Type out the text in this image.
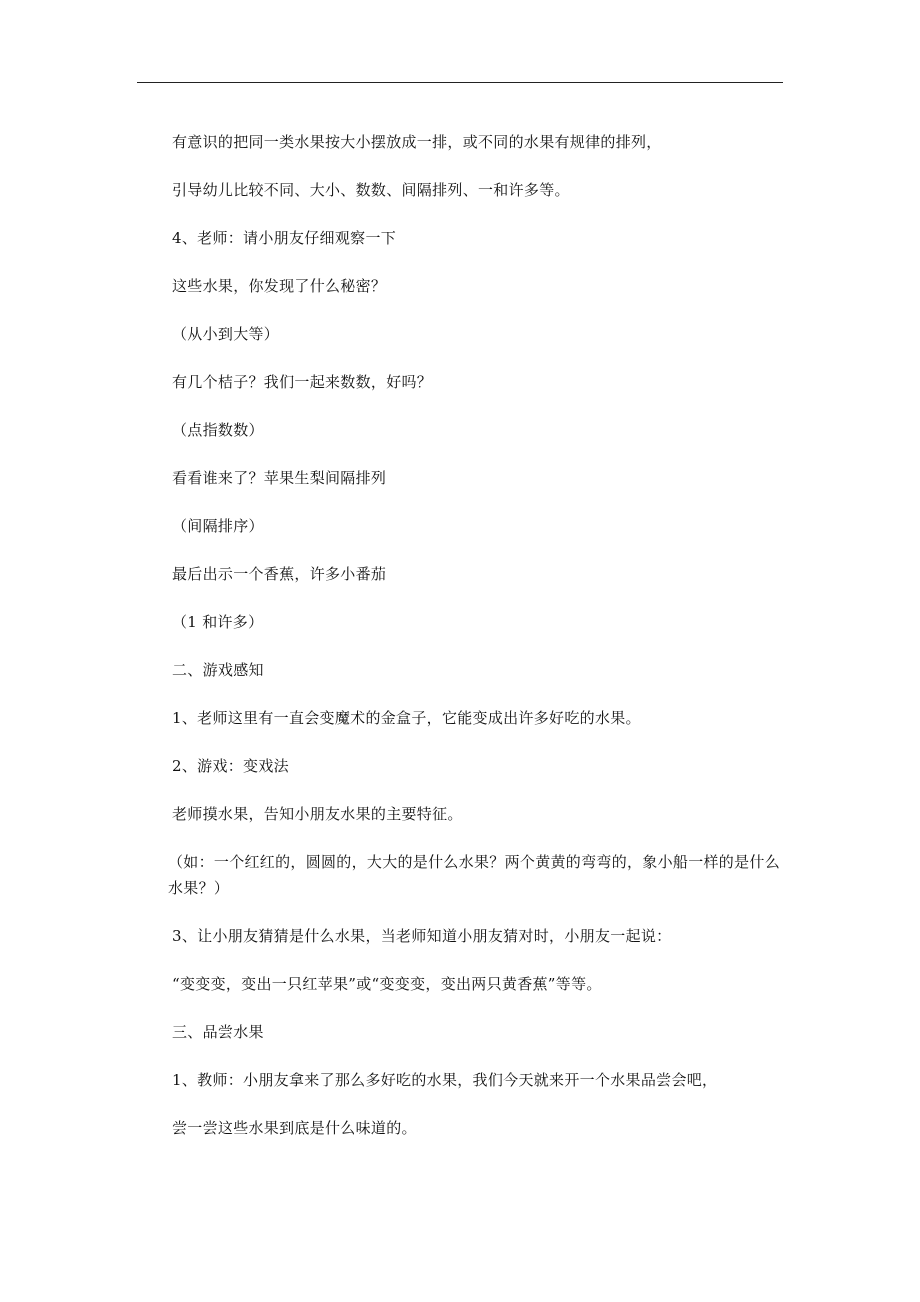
有意识的把同一类水果按大小摆放成一排，或不同的水果有规律的排列，

引导幼儿比较不同、大小、数数、间隔排列、一和许多等。

4、老师：请小朋友仔细观察一下

这些水果，你发现了什么秘密？

（从小到大等）

有几个桔子？我们一起来数数，好吗？

（点指数数）

看看谁来了？苹果生梨间隔排列

（间隔排序）

最后出示一个香蕉，许多小番茄

（1 和许多）

二、游戏感知

1、老师这里有一直会变魔术的金盒子，它能变成出许多好吃的水果。

2、游戏：变戏法

老师摸水果，告知小朋友水果的主要特征。

（如：一个红红的，圆圆的，大大的是什么水果？两个黄黄的弯弯的，象小船一样的是什么水果？）

3、让小朋友猜猜是什么水果，当老师知道小朋友猜对时，小朋友一起说：

“变变变，变出一只红苹果”或“变变变，变出两只黄香蕉”等等。

三、品尝水果

1、教师：小朋友拿来了那么多好吃的水果，我们今天就来开一个水果品尝会吧，

尝一尝这些水果到底是什么味道的。
